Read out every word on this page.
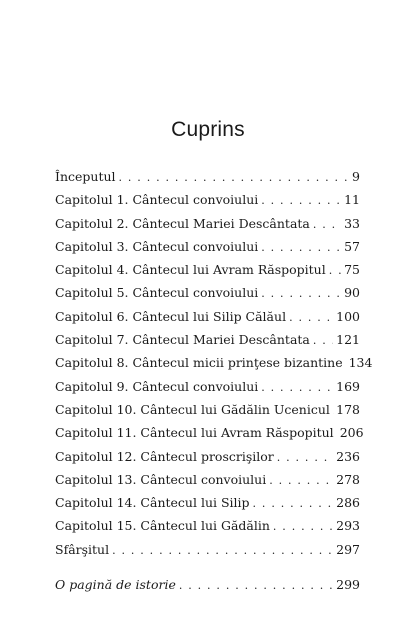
Cuprins
Începutul . . .	9
Capitolul 1. Cântecul convoiului . . .	11
Capitolul 2. Cântecul Mariei Descântata . . .	33
Capitolul 3. Cântecul convoiului . . .	57
Capitolul 4. Cântecul lui Avram Răspopitul . . . 75
Capitolul 5. Cântecul convoiului . . .	90
Capitolul 6. Cântecul lui Silip Călăul . . .	100
Capitolul 7. Cântecul Mariei Descântata . . . 121
Capitolul 8. Cântecul micii prinţese bizantine 134
Capitolul 9. Cântecul convoiului . . .	169
Capitolul 10. Cântecul lui Gădălin Ucenicul . . . 178
Capitolul 11. Cântecul lui Avram Răspopitul 206
Capitolul 12. Cântecul proscrişilor . . .	236
Capitolul 13. Cântecul convoiului . . .	278
Capitolul 14. Cântecul lui Silip . . .	286
Capitolul 15. Cântecul lui Gădălin . . .	293
Sfârşitul . . .	297
O pagină de istorie . . .	299
